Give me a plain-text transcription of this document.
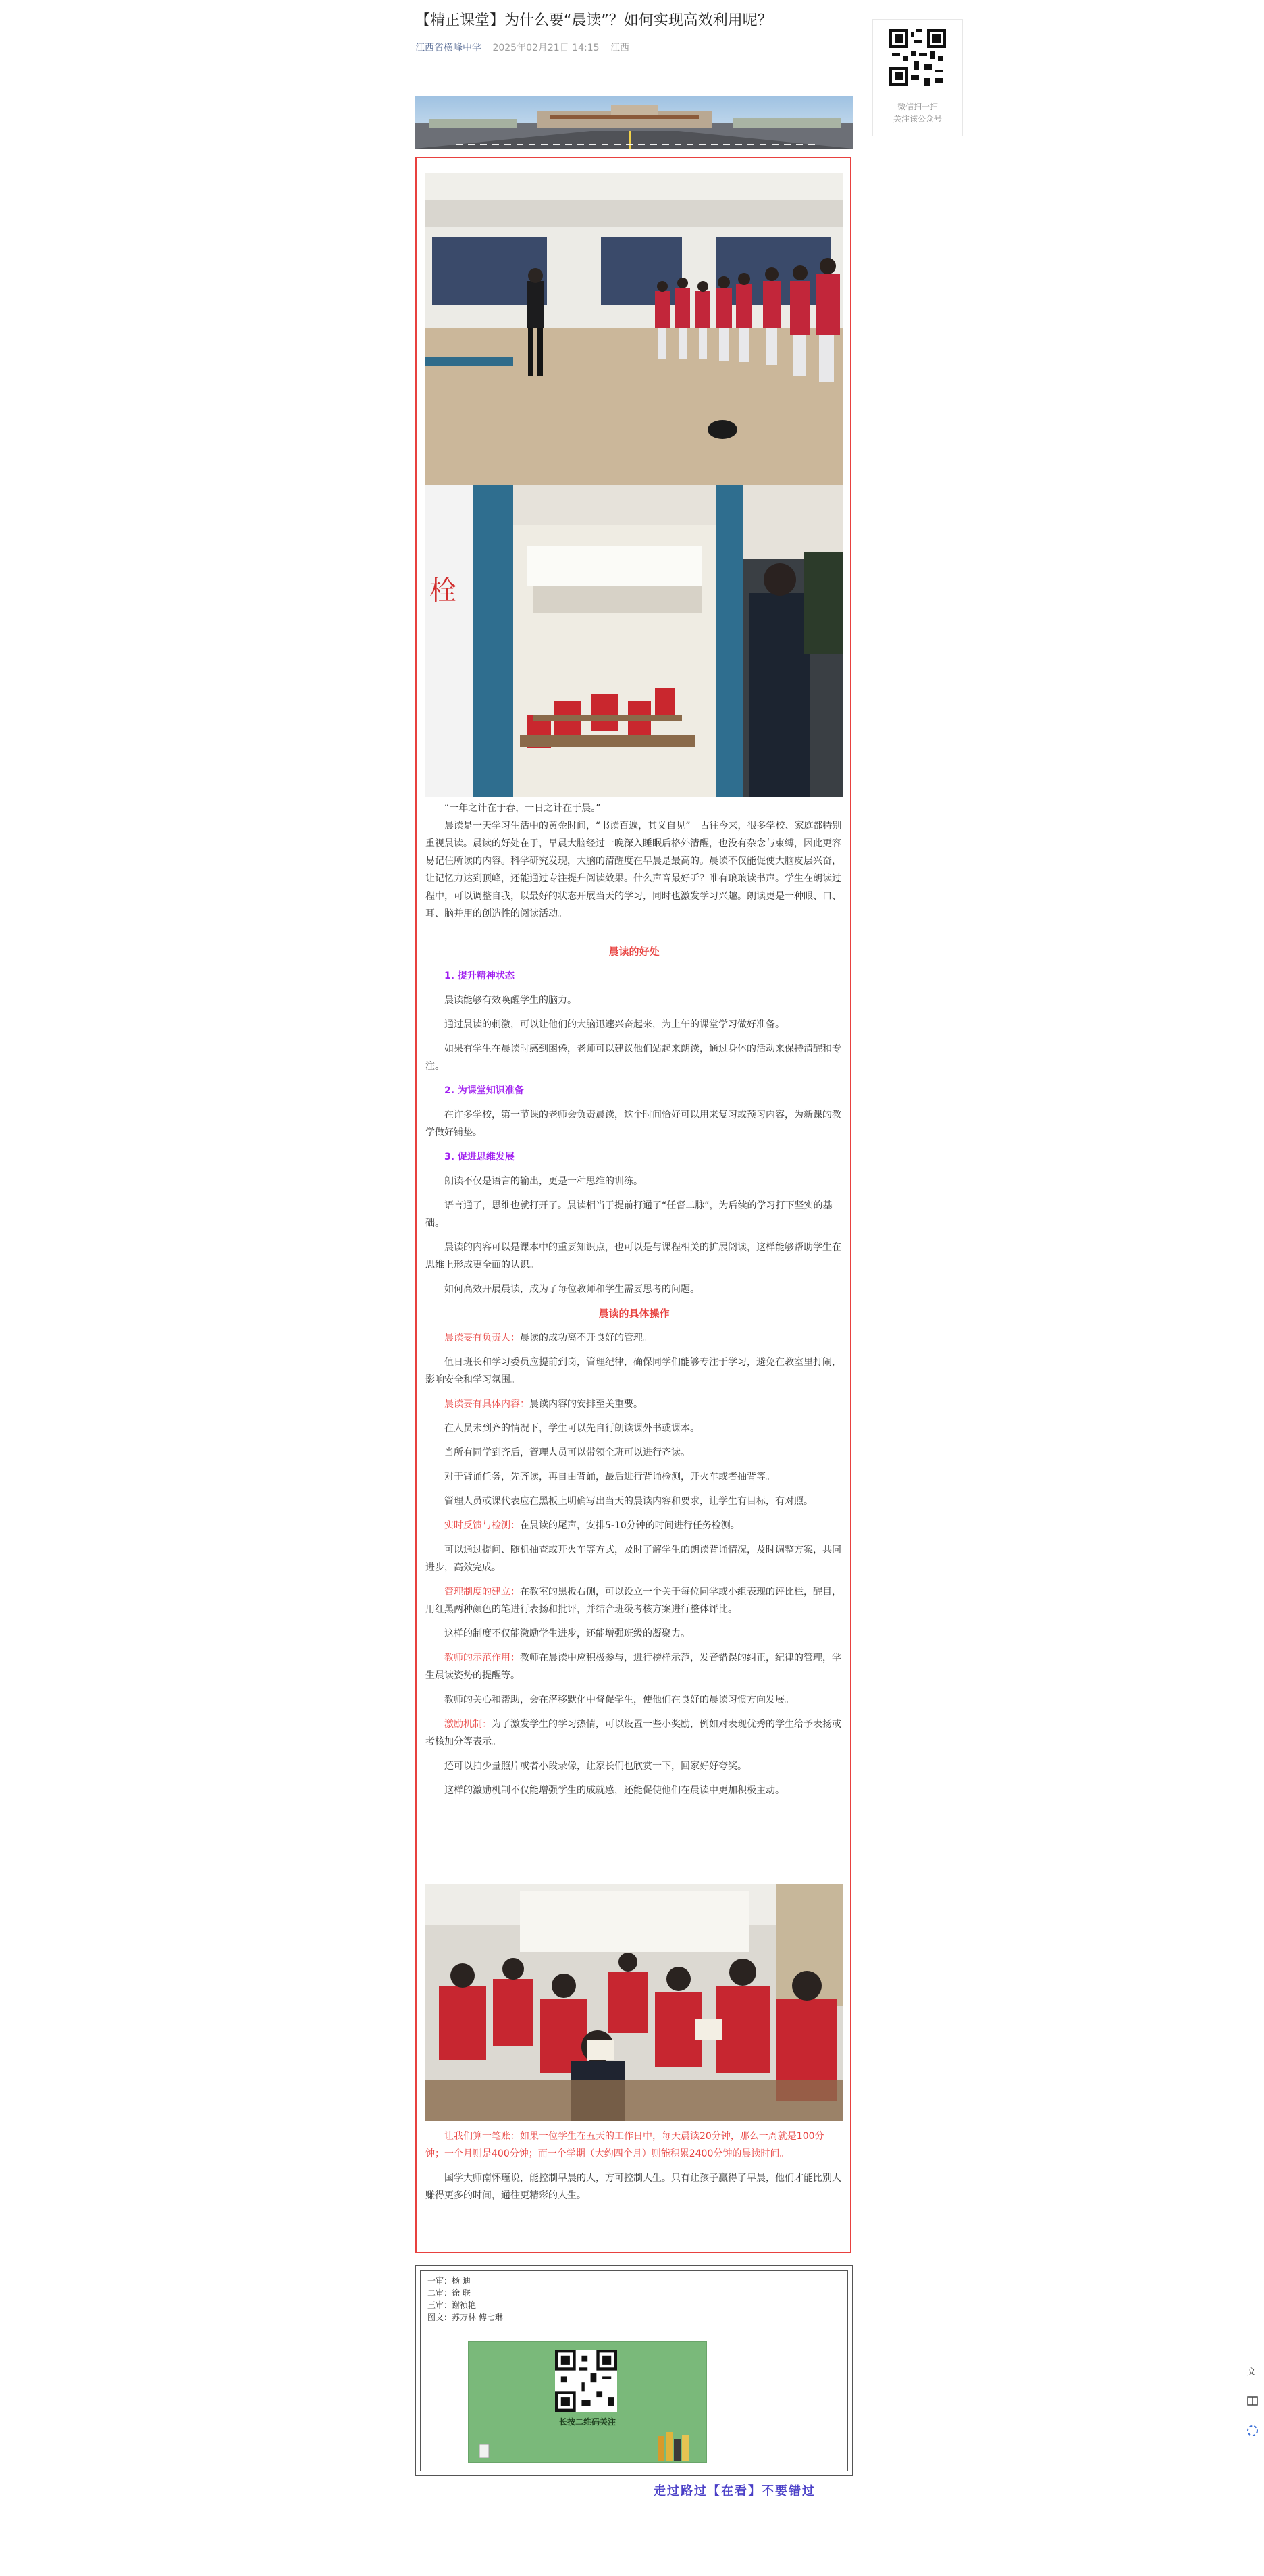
【精正课堂】为什么要“晨读”？如何实现高效利用呢？
江西省横峰中学 2025年02月21日 14:15 江西
微信扫一扫
关注该公众号
栓

“一年之计在于春，一日之计在于晨。”

晨读是一天学习生活中的黄金时间，“书读百遍，其义自见”。古往今来，很多学校、家庭都特别重视晨读。晨读的好处在于，早晨大脑经过一晚深入睡眠后格外清醒，也没有杂念与束缚，因此更容易记住所读的内容。科学研究发现，大脑的清醒度在早晨是最高的。晨读不仅能促使大脑皮层兴奋，让记忆力达到顶峰，还能通过专注提升阅读效果。什么声音最好听？唯有琅琅读书声。学生在朗读过程中，可以调整自我，以最好的状态开展当天的学习，同时也激发学习兴趣。朗读更是一种眼、口、耳、脑并用的创造性的阅读活动。

晨读的好处

1. 提升精神状态

晨读能够有效唤醒学生的脑力。

通过晨读的刺激，可以让他们的大脑迅速兴奋起来，为上午的课堂学习做好准备。

如果有学生在晨读时感到困倦，老师可以建议他们站起来朗读，通过身体的活动来保持清醒和专注。

2. 为课堂知识准备

在许多学校，第一节课的老师会负责晨读，这个时间恰好可以用来复习或预习内容，为新课的教学做好铺垫。

3. 促进思维发展

朗读不仅是语言的输出，更是一种思维的训练。

语言通了，思维也就打开了。晨读相当于提前打通了“任督二脉”，为后续的学习打下坚实的基础。

晨读的内容可以是课本中的重要知识点，也可以是与课程相关的扩展阅读，这样能够帮助学生在思维上形成更全面的认识。

如何高效开展晨读，成为了每位教师和学生需要思考的问题。

晨读的具体操作

晨读要有负责人：晨读的成功离不开良好的管理。

值日班长和学习委员应提前到岗，管理纪律，确保同学们能够专注于学习，避免在教室里打闹，影响安全和学习氛围。

晨读要有具体内容：晨读内容的安排至关重要。

在人员未到齐的情况下，学生可以先自行朗读课外书或课本。

当所有同学到齐后，管理人员可以带领全班可以进行齐读。

对于背诵任务，先齐读，再自由背诵，最后进行背诵检测，开火车或者抽背等。

管理人员或课代表应在黑板上明确写出当天的晨读内容和要求，让学生有目标，有对照。

实时反馈与检测：在晨读的尾声，安排5-10分钟的时间进行任务检测。

可以通过提问、随机抽查或开火车等方式，及时了解学生的朗读背诵情况，及时调整方案，共同进步，高效完成。

管理制度的建立：在教室的黑板右侧，可以设立一个关于每位同学或小组表现的评比栏，醒目，用红黑两种颜色的笔进行表扬和批评，并结合班级考核方案进行整体评比。

这样的制度不仅能激励学生进步，还能增强班级的凝聚力。

教师的示范作用：教师在晨读中应积极参与，进行榜样示范，发音错误的纠正，纪律的管理，学生晨读姿势的提醒等。

教师的关心和帮助，会在潜移默化中督促学生，使他们在良好的晨读习惯方向发展。

激励机制：为了激发学生的学习热情，可以设置一些小奖励，例如对表现优秀的学生给予表扬或考核加分等表示。

还可以拍少量照片或者小段录像，让家长们也欣赏一下，回家好好夸奖。

这样的激励机制不仅能增强学生的成就感，还能促使他们在晨读中更加积极主动。

让我们算一笔账：如果一位学生在五天的工作日中，每天晨读20分钟，那么一周就是100分钟；一个月则是400分钟；而一个学期（大约四个月）则能积累2400分钟的晨读时间。

国学大师南怀瑾说，能控制早晨的人，方可控制人生。只有让孩子赢得了早晨，他们才能比别人赚得更多的时间，通往更精彩的人生。

一审：杨 迪
二审：徐 联
三审：谢祯艳
图文：苏万林 傅七琳
长按二维码关注
走过路过【在看】不要错过
文
